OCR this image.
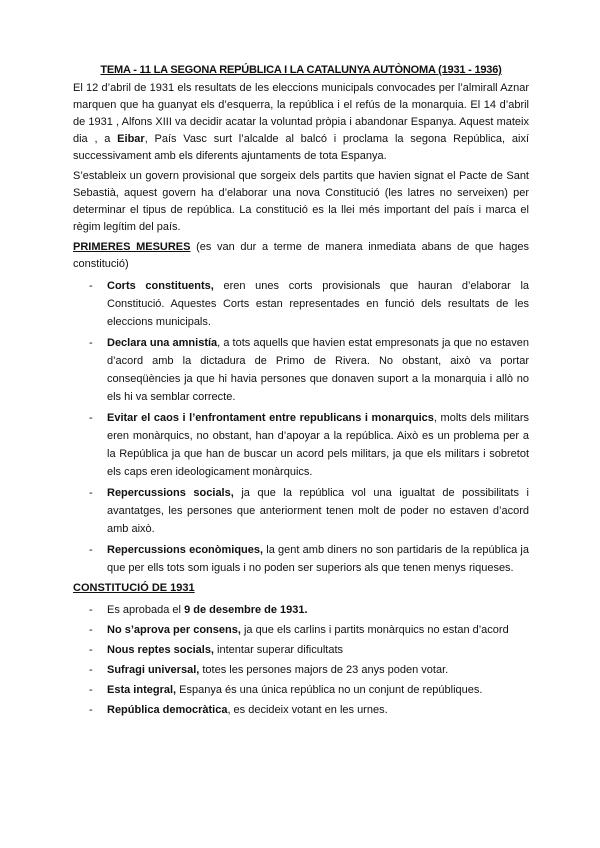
TEMA - 11 LA SEGONA REPÚBLICA I LA CATALUNYA AUTÒNOMA (1931 - 1936)

El 12 d’abril de 1931 els resultats de les eleccions municipals convocades per l’almirall Aznar marquen que ha guanyat els d’esquerra, la república i el refús de la monarquia. El 14 d’abril de 1931 , Alfons XIII va decidir acatar la voluntad pròpia i abandonar Espanya. Aquest mateix dia , a Eibar, País Vasc surt l’alcalde al balcó i proclama la segona República, així successivament amb els diferents ajuntaments de tota Espanya.

S’estableix un govern provisional que sorgeix dels partits que havien signat el Pacte de Sant Sebastià, aquest govern ha d’elaborar una nova Constitució (les latres no serveixen) per determinar el tipus de república. La constitució es la llei més important del país i marca el règim legítim del país.

PRIMERES MESURES (es van dur a terme de manera inmediata abans de que hages constitució)

- Corts constituents, eren unes corts provisionals que hauran d’elaborar la Constitució. Aquestes Corts estan representades en funció dels resultats de les eleccions municipals.
- Declara una amnistía, a tots aquells que havien estat empresonats ja que no estaven d’acord amb la dictadura de Primo de Rivera. No obstant, això va portar conseqüències ja que hi havia persones que donaven suport a la monarquia i allò no els hi va semblar correcte.
- Evitar el caos i l’enfrontament entre republicans i monarquics, molts dels militars eren monàrquics, no obstant, han d’apoyar a la república. Això es un problema per a la República ja que han de buscar un acord pels militars, ja que els militars i sobretot els caps eren ideologicament monàrquics.
- Repercussions socials, ja que la república vol una igualtat de possibilitats i avantatges, les persones que anteriorment tenen molt de poder no estaven d’acord amb això.
- Repercussions econòmiques, la gent amb diners no son partidaris de la república ja que per ells tots som iguals i no poden ser superiors als que tenen menys riqueses.

CONSTITUCIÓ DE 1931

- Es aprobada el 9 de desembre de 1931.
- No s’aprova per consens, ja que els carlins i partits monàrquics no estan d’acord
- Nous reptes socials, intentar superar dificultats
- Sufragi universal, totes les persones majors de 23 anys poden votar.
- Esta integral, Espanya és una única república no un conjunt de repúbliques.
- República democràtica, es decideix votant en les urnes.
